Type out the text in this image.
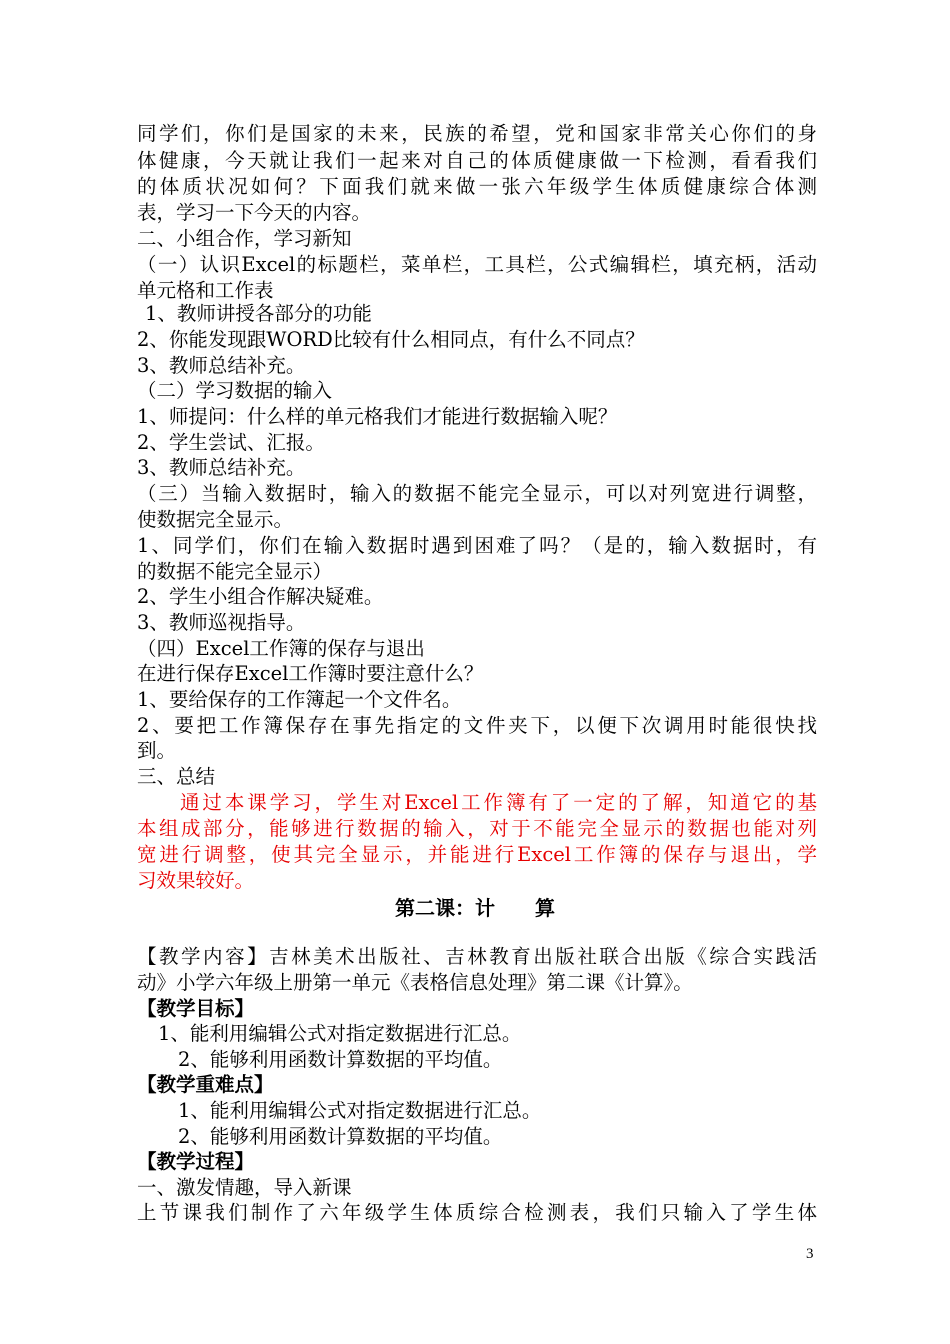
同学们，你们是国家的未来，民族的希望，党和国家非常关心你们的身
体健康，今天就让我们一起来对自己的体质健康做一下检测，看看我们
的体质状况如何？下面我们就来做一张六年级学生体质健康综合体测
表，学习一下今天的内容。
二、小组合作，学习新知
（一）认识Excel的标题栏，菜单栏，工具栏，公式编辑栏，填充柄，活动
单元格和工作表
1、教师讲授各部分的功能
2、你能发现跟WORD比较有什么相同点，有什么不同点？
3、教师总结补充。
（二）学习数据的输入
1、师提问：什么样的单元格我们才能进行数据输入呢？
2、学生尝试、汇报。
3、教师总结补充。
（三）当输入数据时，输入的数据不能完全显示，可以对列宽进行调整，
使数据完全显示。
1、同学们，你们在输入数据时遇到困难了吗？（是的，输入数据时，有
的数据不能完全显示）
2、学生小组合作解决疑难。
3、教师巡视指导。
（四）Excel工作簿的保存与退出
在进行保存Excel工作簿时要注意什么？
1、要给保存的工作簿起一个文件名。
2、要把工作簿保存在事先指定的文件夹下，以便下次调用时能很快找
到。
三、总结
通过本课学习，学生对Excel工作簿有了一定的了解，知道它的基
本组成部分，能够进行数据的输入，对于不能完全显示的数据也能对列
宽进行调整，使其完全显示，并能进行Excel工作簿的保存与退出，学
习效果较好。
第二课：计　　算
【教学内容】吉林美术出版社、吉林教育出版社联合出版《综合实践活
动》小学六年级上册第一单元《表格信息处理》第二课《计算》。
【教学目标】
1、能利用编辑公式对指定数据进行汇总。
2、能够利用函数计算数据的平均值。
【教学重难点】
1、能利用编辑公式对指定数据进行汇总。
2、能够利用函数计算数据的平均值。
【教学过程】
一、激发情趣，导入新课
上节课我们制作了六年级学生体质综合检测表，我们只输入了学生体
3
